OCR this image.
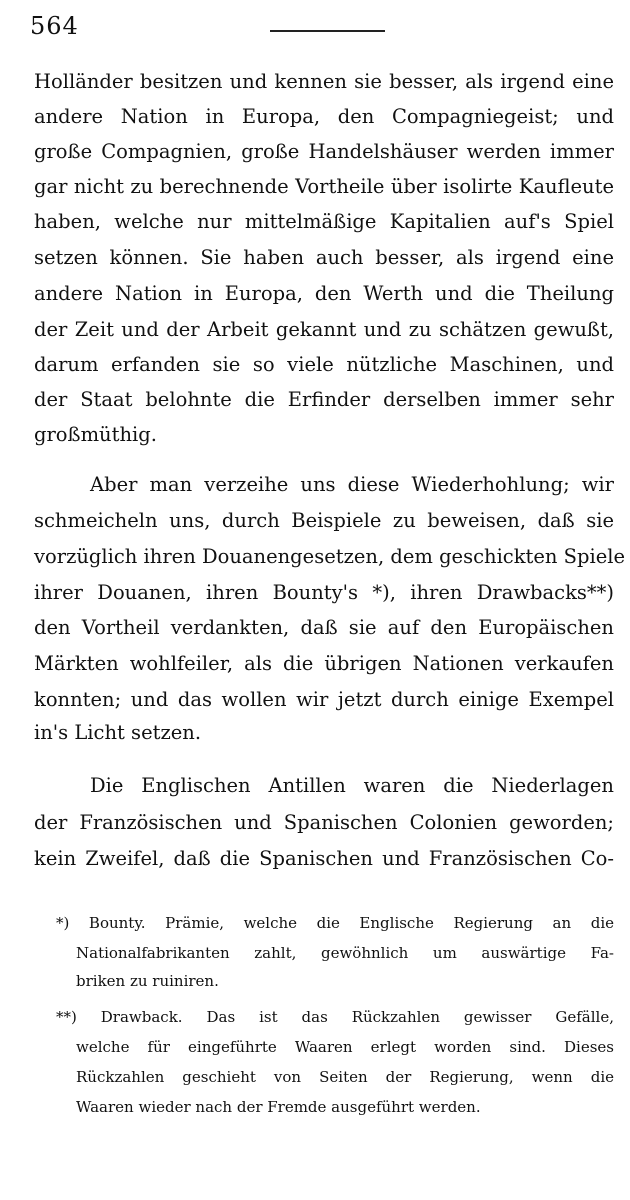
564
Holländer besitzen und kennen sie besser, als irgend eine
andere Nation in Europa, den Compagniegeist; und
große Compagnien, große Handelshäuser werden immer
gar nicht zu berechnende Vortheile über isolirte Kaufleute
haben, welche nur mittelmäßige Kapitalien auf's Spiel
setzen können. Sie haben auch besser, als irgend eine
andere Nation in Europa, den Werth und die Theilung
der Zeit und der Arbeit gekannt und zu schätzen gewußt,
darum erfanden sie so viele nützliche Maschinen, und
der Staat belohnte die Erfinder derselben immer sehr
großmüthig.
Aber man verzeihe uns diese Wiederhohlung; wir
schmeicheln uns, durch Beispiele zu beweisen, daß sie
vorzüglich ihren Douanengesetzen, dem geschickten Spiele
ihrer Douanen, ihren Bounty's *), ihren Drawbacks**)
den Vortheil verdankten, daß sie auf den Europäischen
Märkten wohlfeiler, als die übrigen Nationen verkaufen
konnten; und das wollen wir jetzt durch einige Exempel
in's Licht setzen.
Die Englischen Antillen waren die Niederlagen
der Französischen und Spanischen Colonien geworden;
kein Zweifel, daß die Spanischen und Französischen Co-
*) Bounty. Prämie, welche die Englische Regierung an die
Nationalfabrikanten zahlt, gewöhnlich um auswärtige Fa-
briken zu ruiniren.
**) Drawback. Das ist das Rückzahlen gewisser Gefälle,
welche für eingeführte Waaren erlegt worden sind. Dieses
Rückzahlen geschieht von Seiten der Regierung, wenn die
Waaren wieder nach der Fremde ausgeführt werden.
